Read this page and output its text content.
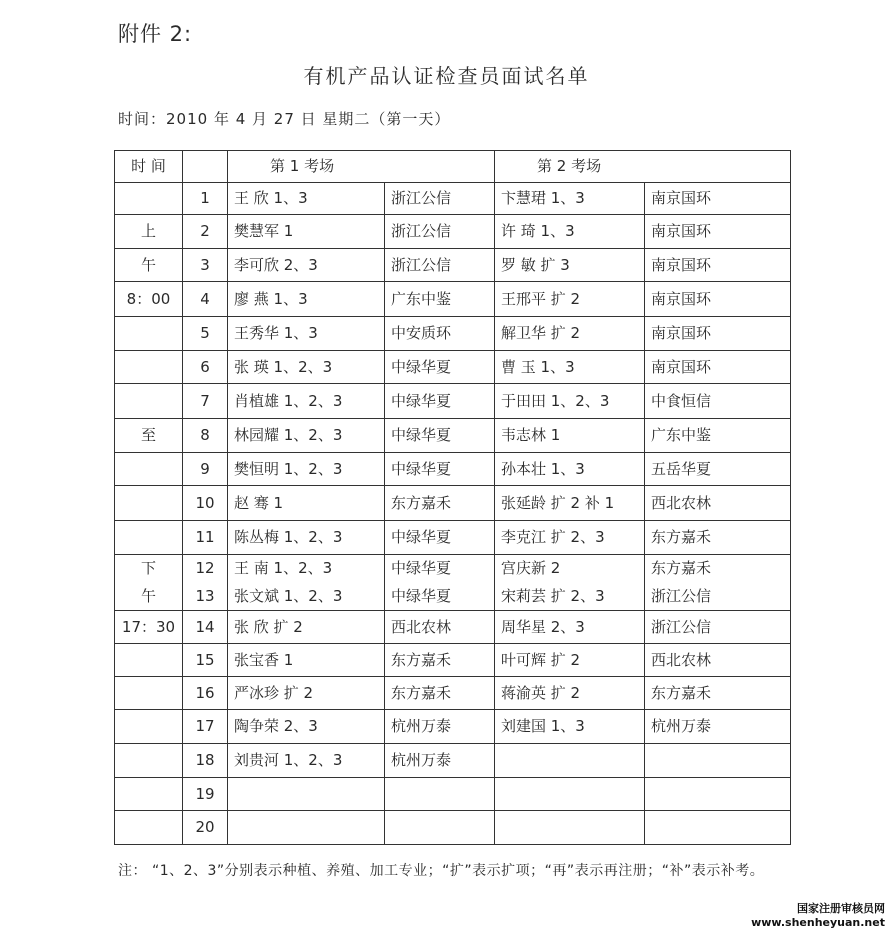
附件 2:
有机产品认证检查员面试名单
时间：2010 年 4 月 27 日 星期二（第一天）
时 间		第 1 考场		第 2 考场	
	1	王 欣 1、3	浙江公信	卞慧珺 1、3	南京国环
上	2	樊慧军 1	浙江公信	许 琦 1、3	南京国环
午	3	李可欣 2、3	浙江公信	罗 敏 扩 3	南京国环
8：00	4	廖 燕 1、3	广东中鉴	王邢平 扩 2	南京国环
	5	王秀华 1、3	中安质环	解卫华 扩 2	南京国环
	6	张 瑛 1、2、3	中绿华夏	曹 玉 1、3	南京国环
	7	肖植雄 1、2、3	中绿华夏	于田田 1、2、3	中食恒信
至	8	林园耀 1、2、3	中绿华夏	韦志林 1	广东中鉴
	9	樊恒明 1、2、3	中绿华夏	孙本壮 1、3	五岳华夏
	10	赵 骞 1	东方嘉禾	张延龄 扩 2 补 1	西北农林
	11	陈丛梅 1、2、3	中绿华夏	李克江 扩 2、3	东方嘉禾
下	12	王 南 1、2、3	中绿华夏	宫庆新 2	东方嘉禾
午	13	张文斌 1、2、3	中绿华夏	宋莉芸 扩 2、3	浙江公信
17：30	14	张 欣 扩 2	西北农林	周华星 2、3	浙江公信
	15	张宝香 1	东方嘉禾	叶可辉 扩 2	西北农林
	16	严冰珍 扩 2	东方嘉禾	蒋渝英 扩 2	东方嘉禾
	17	陶争荣 2、3	杭州万泰	刘建国 1、3	杭州万泰
	18	刘贵河 1、2、3	杭州万泰		
	19				
	20				
注： “1、2、3”分别表示种植、养殖、加工专业；“扩”表示扩项；“再”表示再注册；“补”表示补考。
国家注册审核员网
www.shenheyuan.net
